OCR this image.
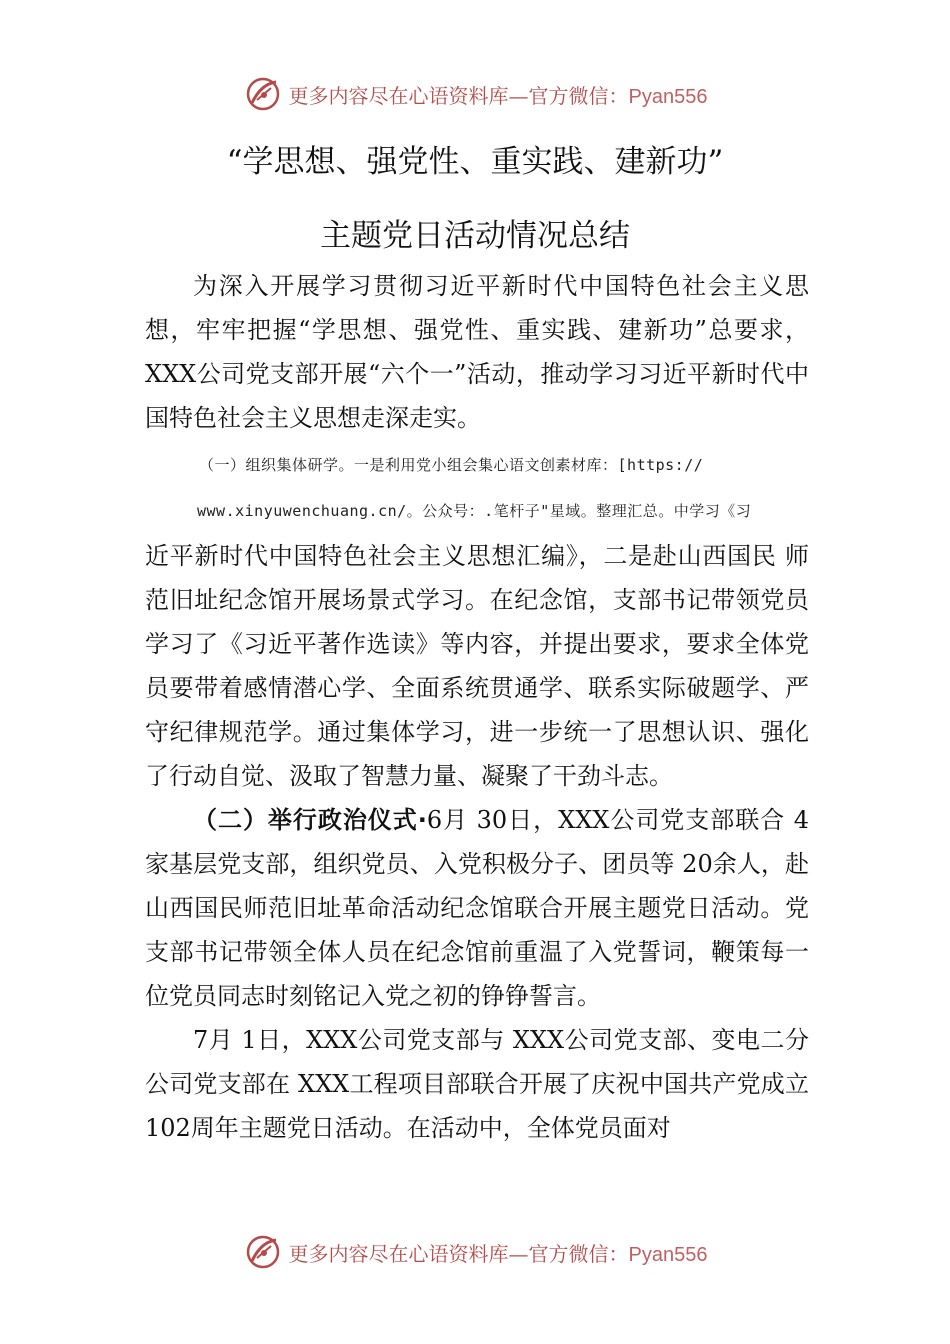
更多内容尽在心语资料库—官方微信：Pyan556
“学思想、强党性、重实践、建新功”
主题党日活动情况总结

为深入开展学习贯彻习近平新时代中国特色社会主义思想，牢牢把握“学思想、强党性、重实践、建新功”总要求，XXX公司党支部开展“六个一”活动，推动学习习近平新时代中国特色社会主义思想走深走实。

（一）组织集体研学。一是利用党小组会集心语文创素材库：[https://

www.xinyuwenchuang.cn/。公众号：.笔杆子"星域。整理汇总。中学习《习

近平新时代中国特色社会主义思想汇编》，二是赴山西国民 师范旧址纪念馆开展场景式学习。在纪念馆，支部书记带领党员学习了《习近平著作选读》等内容，并提出要求，要求全体党员要带着感情潜心学、全面系统贯通学、联系实际破题学、严守纪律规范学。通过集体学习，进一步统一了思想认识、强化了行动自觉、汲取了智慧力量、凝聚了干劲斗志。

（二）举行政治仪式·6月 30日，XXX公司党支部联合 4家基层党支部，组织党员、入党积极分子、团员等 20余人，赴山西国民师范旧址革命活动纪念馆联合开展主题党日活动。党支部书记带领全体人员在纪念馆前重温了入党誓词，鞭策每一位党员同志时刻铭记入党之初的铮铮誓言。

7月 1日，XXX公司党支部与 XXX公司党支部、变电二分公司党支部在 XXX工程项目部联合开展了庆祝中国共产党成立 102周年主题党日活动。在活动中，全体党员面对

更多内容尽在心语资料库—官方微信：Pyan556
